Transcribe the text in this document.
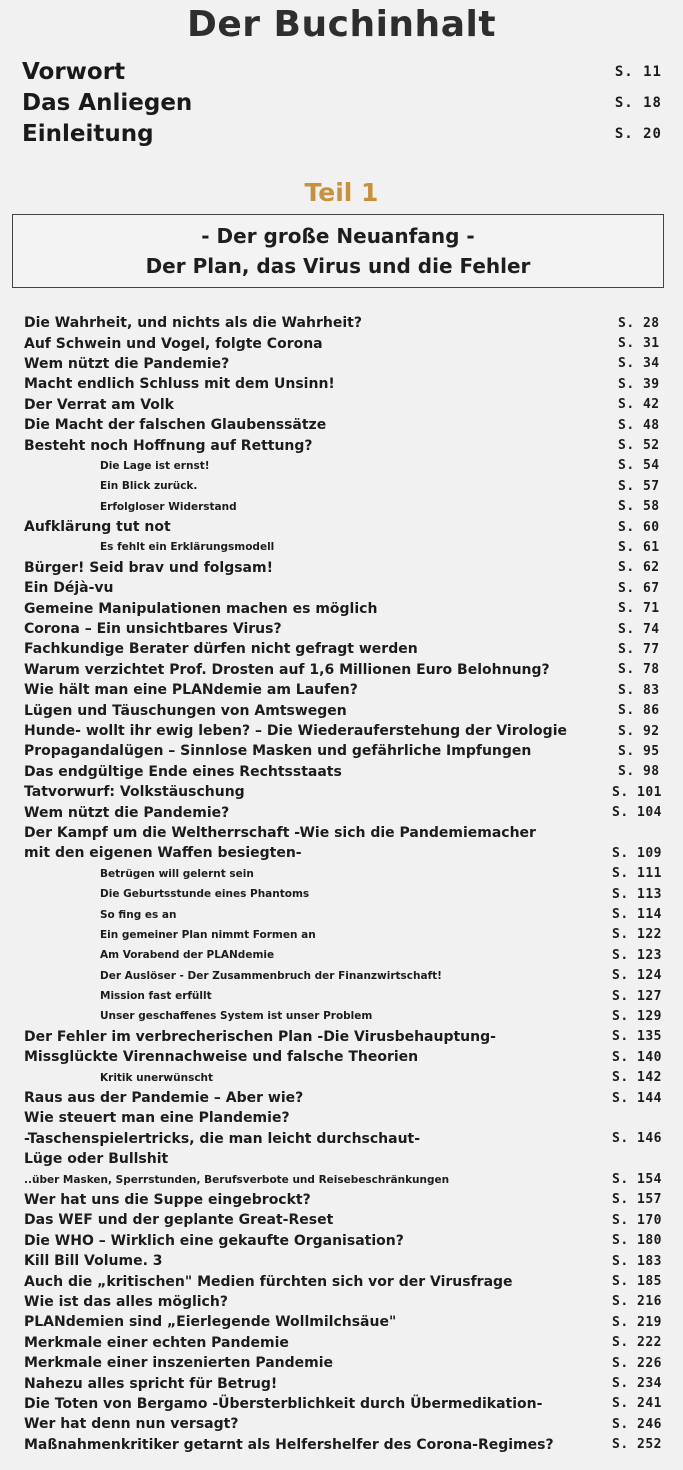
Der Buchinhalt
Vorwort	S. 11
Das Anliegen	S. 18
Einleitung	S. 20
Teil 1
- Der große Neuanfang -
Der Plan, das Virus und die Fehler
Die Wahrheit, und nichts als die Wahrheit?	S. 28
Auf Schwein und Vogel, folgte Corona	S. 31
Wem nützt die Pandemie?	S. 34
Macht endlich Schluss mit dem Unsinn!	S. 39
Der Verrat am Volk	S. 42
Die Macht der falschen Glaubenssätze	S. 48
Besteht noch Hoffnung auf Rettung?	S. 52
Die Lage ist ernst!	S. 54
Ein Blick zurück.	S. 57
Erfolgloser Widerstand	S. 58
Aufklärung tut not	S. 60
Es fehlt ein Erklärungsmodell	S. 61
Bürger! Seid brav und folgsam!	S. 62
Ein Déjà-vu	S. 67
Gemeine Manipulationen machen es möglich	S. 71
Corona – Ein unsichtbares Virus?	S. 74
Fachkundige Berater dürfen nicht gefragt werden	S. 77
Warum verzichtet Prof. Drosten auf 1,6 Millionen Euro Belohnung?	S. 78
Wie hält man eine PLANdemie am Laufen?	S. 83
Lügen und Täuschungen von Amtswegen	S. 86
Hunde- wollt ihr ewig leben? – Die Wiederauferstehung der Virologie	S. 92
Propagandalügen – Sinnlose Masken und gefährliche Impfungen	S. 95
Das endgültige Ende eines Rechtsstaats	S. 98
Tatvorwurf: Volkstäuschung	S. 101
Wem nützt die Pandemie?	S. 104
Der Kampf um die Weltherrschaft -Wie sich die Pandemiemacher
mit den eigenen Waffen besiegten-	S. 109
Betrügen will gelernt sein	S. 111
Die Geburtsstunde eines Phantoms	S. 113
So fing es an	S. 114
Ein gemeiner Plan nimmt Formen an	S. 122
Am Vorabend der PLANdemie	S. 123
Der Auslöser - Der Zusammenbruch der Finanzwirtschaft!	S. 124
Mission fast erfüllt	S. 127
Unser geschaffenes System ist unser Problem	S. 129
Der Fehler im verbrecherischen Plan -Die Virusbehauptung-	S. 135
Missglückte Virennachweise und falsche Theorien	S. 140
Kritik unerwünscht	S. 142
Raus aus der Pandemie – Aber wie?	S. 144
Wie steuert man eine Plandemie?
-Taschenspielertricks, die man leicht durchschaut-	S. 146
Lüge oder Bullshit
..über Masken, Sperrstunden, Berufsverbote und Reisebeschränkungen	S. 154
Wer hat uns die Suppe eingebrockt?	S. 157
Das WEF und der geplante Great-Reset	S. 170
Die WHO – Wirklich eine gekaufte Organisation?	S. 180
Kill Bill Volume. 3	S. 183
Auch die „kritischen" Medien fürchten sich vor der Virusfrage	S. 185
Wie ist das alles möglich?	S. 216
PLANdemien sind „Eierlegende Wollmilchsäue"	S. 219
Merkmale einer echten Pandemie	S. 222
Merkmale einer inszenierten Pandemie	S. 226
Nahezu alles spricht für Betrug!	S. 234
Die Toten von Bergamo -Übersterblichkeit durch Übermedikation-	S. 241
Wer hat denn nun versagt?	S. 246
Maßnahmenkritiker getarnt als Helfershelfer des Corona-Regimes?	S. 252
